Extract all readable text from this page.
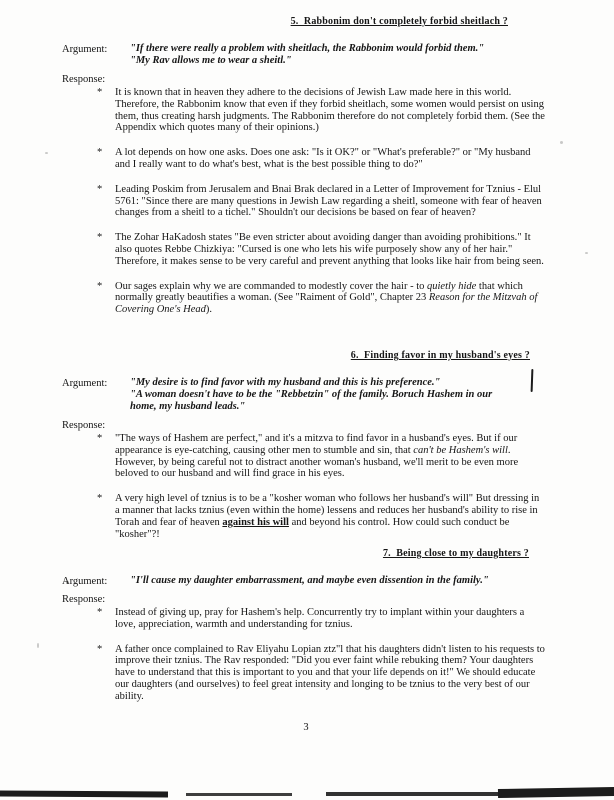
3
5.  Rabbonim don't completely forbid sheitlach ?
Argument: "If there were really a problem with sheitlach, the Rabbonim would forbid them."
"My Rav allows me to wear a sheitl."
Response:
*	It is known that in heaven they adhere to the decisions of Jewish Law made here in this world. Therefore, the Rabbonim know that even if they forbid sheitlach, some women would persist on using them, thus creating harsh judgments. The Rabbonim therefore do not completely forbid them. (See the Appendix which quotes many of their opinions.)

*	A lot depends on how one asks. Does one ask: "Is it OK?" or "What's preferable?" or "My husband and I really want to do what's best, what is the best possible thing to do?"

*	Leading Poskim from Jerusalem and Bnai Brak declared in a Letter of Improvement for Tznius - Elul 5761: "Since there are many questions in Jewish Law regarding a sheitl, someone with fear of heaven changes from a sheitl to a tichel." Shouldn't our decisions be based on fear of heaven?

*	The Zohar HaKadosh states "Be even stricter about avoiding danger than avoiding prohibitions." It also quotes Rebbe Chizkiya: "Cursed is one who lets his wife purposely show any of her hair." Therefore, it makes sense to be very careful and prevent anything that looks like hair from being seen.

*	Our sages explain why we are commanded to modestly cover the hair - to quietly hide that which normally greatly beautifies a woman. (See "Raiment of Gold", Chapter 23 Reason for the Mitzvah of Covering One's Head).

6.  Finding favor in my husband's eyes ?
Argument: "My desire is to find favor with my husband and this is his preference."
"A woman doesn't have to be the "Rebbetzin" of the family. Boruch Hashem in our
home, my husband leads."
Response:
*	"The ways of Hashem are perfect," and it's a mitzva to find favor in a husband's eyes. But if our appearance is eye-catching, causing other men to stumble and sin, that can't be Hashem's will. However, by being careful not to distract another woman's husband, we'll merit to be even more beloved to our husband and will find grace in his eyes.

*	A very high level of tznius is to be a "kosher woman who follows her husband's will" But dressing in a manner that lacks tznius (even within the home) lessens and reduces her husband's ability to rise in Torah and fear of heaven against his will and beyond his control. How could such conduct be "kosher"?!

7.  Being close to my daughters ?
Argument: "I'll cause my daughter embarrassment, and maybe even dissention in the family."
Response:
*	Instead of giving up, pray for Hashem's help. Concurrently try to implant within your daughters a love, appreciation, warmth and understanding for tznius.

*	A father once complained to Rav Eliyahu Lopian ztz"l that his daughters didn't listen to his requests to improve their tznius. The Rav responded: "Did you ever faint while rebuking them? Your daughters have to understand that this is important to you and that your life depends on it!" We should educate our daughters (and ourselves) to feel great intensity and longing to be tznius to the very best of our ability.
